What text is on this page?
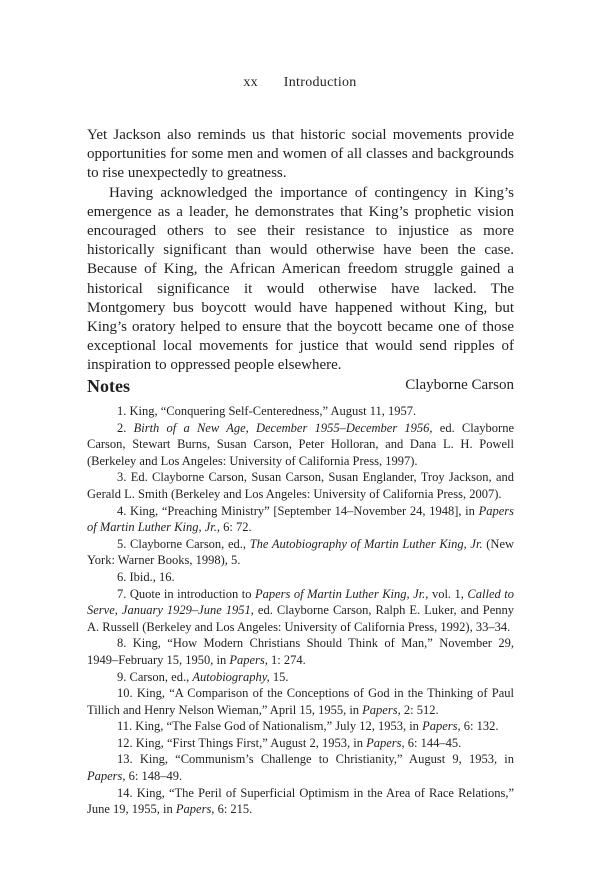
xx Introduction

Yet Jackson also reminds us that historic social movements provide opportunities for some men and women of all classes and backgrounds to rise unexpectedly to greatness.

Having acknowledged the importance of contingency in King’s emergence as a leader, he demonstrates that King’s prophetic vision encouraged others to see their resistance to injustice as more historically significant than would otherwise have been the case. Because of King, the African American freedom struggle gained a historical significance it would otherwise have lacked. The Montgomery bus boycott would have happened without King, but King’s oratory helped to ensure that the boycott became one of those exceptional local movements for justice that would send ripples of inspiration to oppressed people elsewhere.

Clayborne Carson
Notes

1. King, “Conquering Self-Centeredness,” August 11, 1957.

2. Birth of a New Age, December 1955–December 1956, ed. Clayborne Carson, Stewart Burns, Susan Carson, Peter Holloran, and Dana L. H. Powell (Berkeley and Los Angeles: University of California Press, 1997).

3. Ed. Clayborne Carson, Susan Carson, Susan Englander, Troy Jackson, and Gerald L. Smith (Berkeley and Los Angeles: University of California Press, 2007).

4. King, “Preaching Ministry” [September 14–November 24, 1948], in Papers of Martin Luther King, Jr., 6: 72.

5. Clayborne Carson, ed., The Autobiography of Martin Luther King, Jr. (New York: Warner Books, 1998), 5.

6. Ibid., 16.

7. Quote in introduction to Papers of Martin Luther King, Jr., vol. 1, Called to Serve, January 1929–June 1951, ed. Clayborne Carson, Ralph E. Luker, and Penny A. Russell (Berkeley and Los Angeles: University of California Press, 1992), 33–34.

8. King, “How Modern Christians Should Think of Man,” November 29, 1949–February 15, 1950, in Papers, 1: 274.

9. Carson, ed., Autobiography, 15.

10. King, “A Comparison of the Conceptions of God in the Thinking of Paul Tillich and Henry Nelson Wieman,” April 15, 1955, in Papers, 2: 512.

11. King, “The False God of Nationalism,” July 12, 1953, in Papers, 6: 132.

12. King, “First Things First,” August 2, 1953, in Papers, 6: 144–45.

13. King, “Communism’s Challenge to Christianity,” August 9, 1953, in Papers, 6: 148–49.

14. King, “The Peril of Superficial Optimism in the Area of Race Relations,” June 19, 1955, in Papers, 6: 215.
